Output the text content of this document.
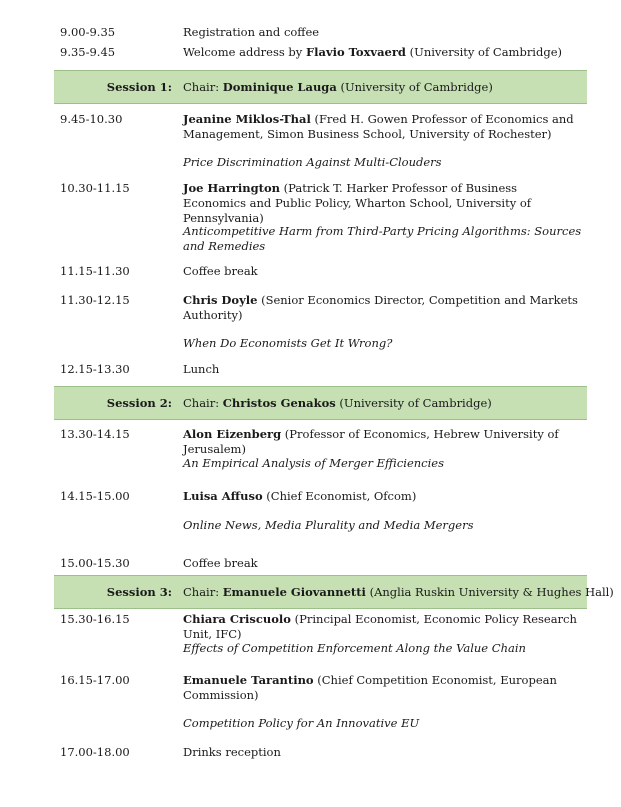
9.00-9.35	Registration and coffee
9.35-9.45	Welcome address by Flavio Toxvaerd (University of Cambridge)
Session 1: Chair: Dominique Lauga (University of Cambridge)
9.45-10.30	Jeanine Miklos-Thal (Fred H. Gowen Professor of Economics and Management, Simon Business School, University of Rochester)
Price Discrimination Against Multi-Clouders
10.30-11.15	Joe Harrington (Patrick T. Harker Professor of Business Economics and Public Policy, Wharton School, University of Pennsylvania)
Anticompetitive Harm from Third-Party Pricing Algorithms: Sources and Remedies
11.15-11.30	Coffee break
11.30-12.15	Chris Doyle (Senior Economics Director, Competition and Markets Authority)
When Do Economists Get It Wrong?
12.15-13.30	Lunch
Session 2: Chair: Christos Genakos (University of Cambridge)
13.30-14.15	Alon Eizenberg (Professor of Economics, Hebrew University of Jerusalem)
An Empirical Analysis of Merger Efficiencies
14.15-15.00	Luisa Affuso (Chief Economist, Ofcom)
Online News, Media Plurality and Media Mergers
15.00-15.30	Coffee break
Session 3: Chair: Emanuele Giovannetti (Anglia Ruskin University & Hughes Hall)
15.30-16.15	Chiara Criscuolo (Principal Economist, Economic Policy Research Unit, IFC)
Effects of Competition Enforcement Along the Value Chain
16.15-17.00	Emanuele Tarantino (Chief Competition Economist, European Commission)
Competition Policy for An Innovative EU
17.00-18.00	Drinks reception
